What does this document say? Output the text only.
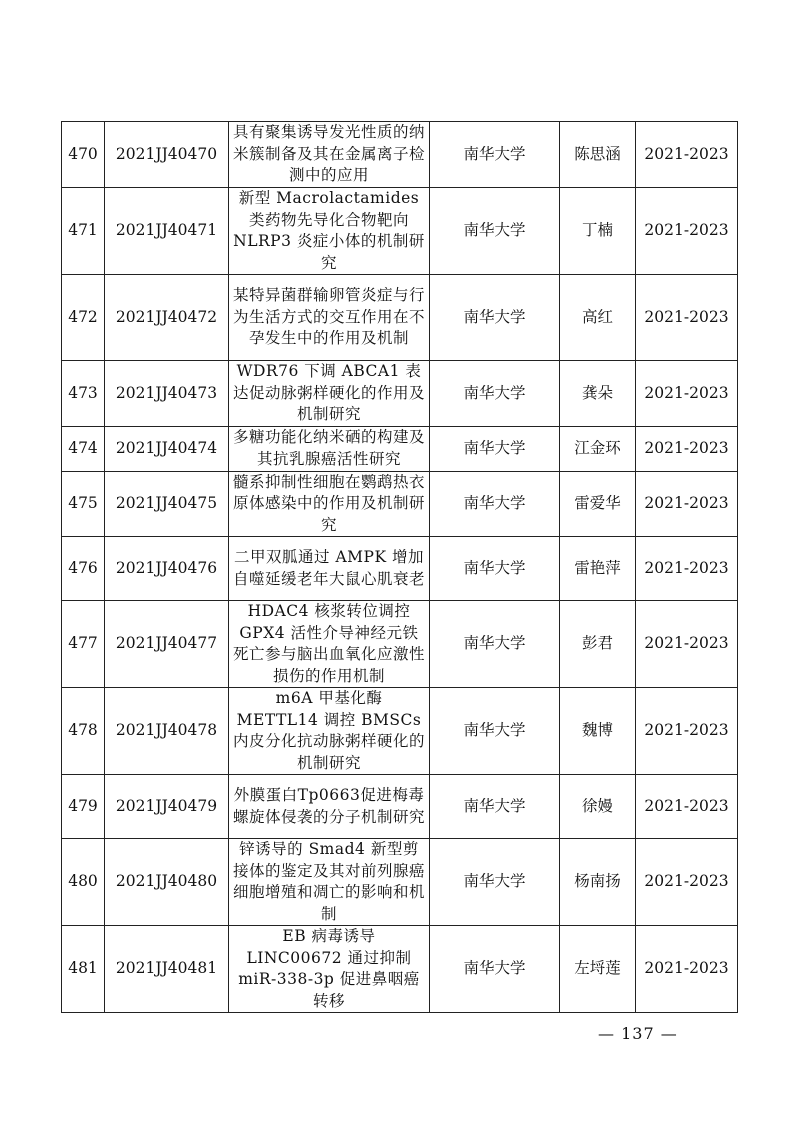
470	2021JJ40470	具有聚集诱导发光性质的纳米簇制备及其在金属离子检测中的应用	南华大学	陈思涵	2021-2023
471	2021JJ40471	新型 Macrolactamides 类药物先导化合物靶向 NLRP3 炎症小体的机制研究	南华大学	丁楠	2021-2023
472	2021JJ40472	某特异菌群输卵管炎症与行为生活方式的交互作用在不孕发生中的作用及机制	南华大学	高红	2021-2023
473	2021JJ40473	WDR76 下调 ABCA1 表达促动脉粥样硬化的作用及机制研究	南华大学	龚朵	2021-2023
474	2021JJ40474	多糖功能化纳米硒的构建及其抗乳腺癌活性研究	南华大学	江金环	2021-2023
475	2021JJ40475	髓系抑制性细胞在鹦鹉热衣原体感染中的作用及机制研究	南华大学	雷爱华	2021-2023
476	2021JJ40476	二甲双胍通过 AMPK 增加自噬延缓老年大鼠心肌衰老	南华大学	雷艳萍	2021-2023
477	2021JJ40477	HDAC4 核浆转位调控 GPX4 活性介导神经元铁死亡参与脑出血氧化应激性损伤的作用机制	南华大学	彭君	2021-2023
478	2021JJ40478	m6A 甲基化酶 METTL14 调控 BMSCs 内皮分化抗动脉粥样硬化的机制研究	南华大学	魏博	2021-2023
479	2021JJ40479	外膜蛋白Tp0663促进梅毒螺旋体侵袭的分子机制研究	南华大学	徐嫚	2021-2023
480	2021JJ40480	锌诱导的 Smad4 新型剪接体的鉴定及其对前列腺癌细胞增殖和凋亡的影响和机制	南华大学	杨南扬	2021-2023
481	2021JJ40481	EB 病毒诱导 LINC00672 通过抑制 miR-338-3p 促进鼻咽癌转移	南华大学	左埒莲	2021-2023
— 137 —
